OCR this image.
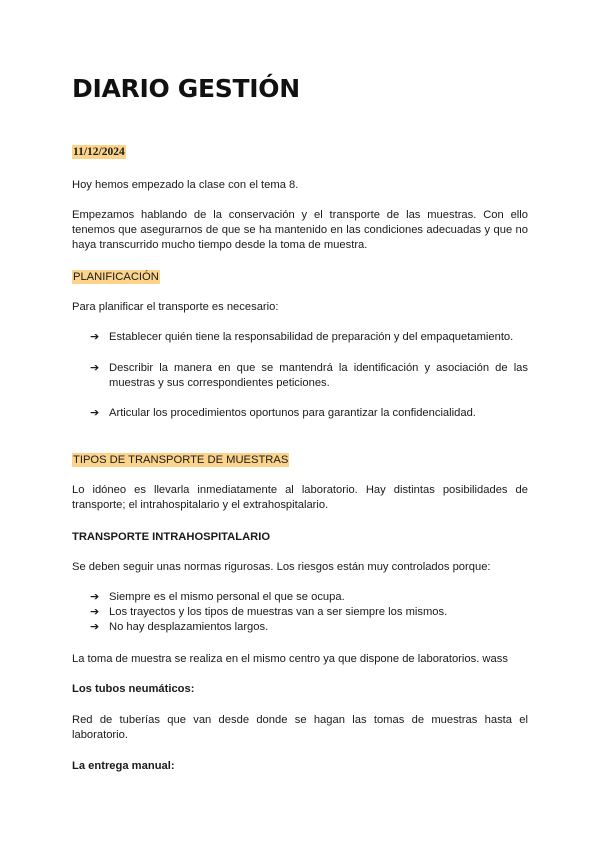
DIARIO GESTIÓN

11/12/2024

Hoy hemos empezado la clase con el tema 8.

Empezamos hablando de la conservación y el transporte de las muestras. Con ello tenemos que asegurarnos de que se ha mantenido en las condiciones adecuadas y que no haya transcurrido mucho tiempo desde la toma de muestra.

PLANIFICACIÓN

Para planificar el transporte es necesario:

➔ Establecer quién tiene la responsabilidad de preparación y del empaquetamiento.
➔ Describir la manera en que se mantendrá la identificación y asociación de las muestras y sus correspondientes peticiones.
➔ Articular los procedimientos oportunos para garantizar la confidencialidad.

TIPOS DE TRANSPORTE DE MUESTRAS

Lo idóneo es llevarla inmediatamente al laboratorio. Hay distintas posibilidades de transporte; el intrahospitalario y el extrahospitalario.

TRANSPORTE INTRAHOSPITALARIO

Se deben seguir unas normas rigurosas. Los riesgos están muy controlados porque:

➔ Siempre es el mismo personal el que se ocupa.
➔ Los trayectos y los tipos de muestras van a ser siempre los mismos.
➔ No hay desplazamientos largos.

La toma de muestra se realiza en el mismo centro ya que dispone de laboratorios. wass

Los tubos neumáticos:

Red de tuberías que van desde donde se hagan las tomas de muestras hasta el laboratorio.

La entrega manual:
